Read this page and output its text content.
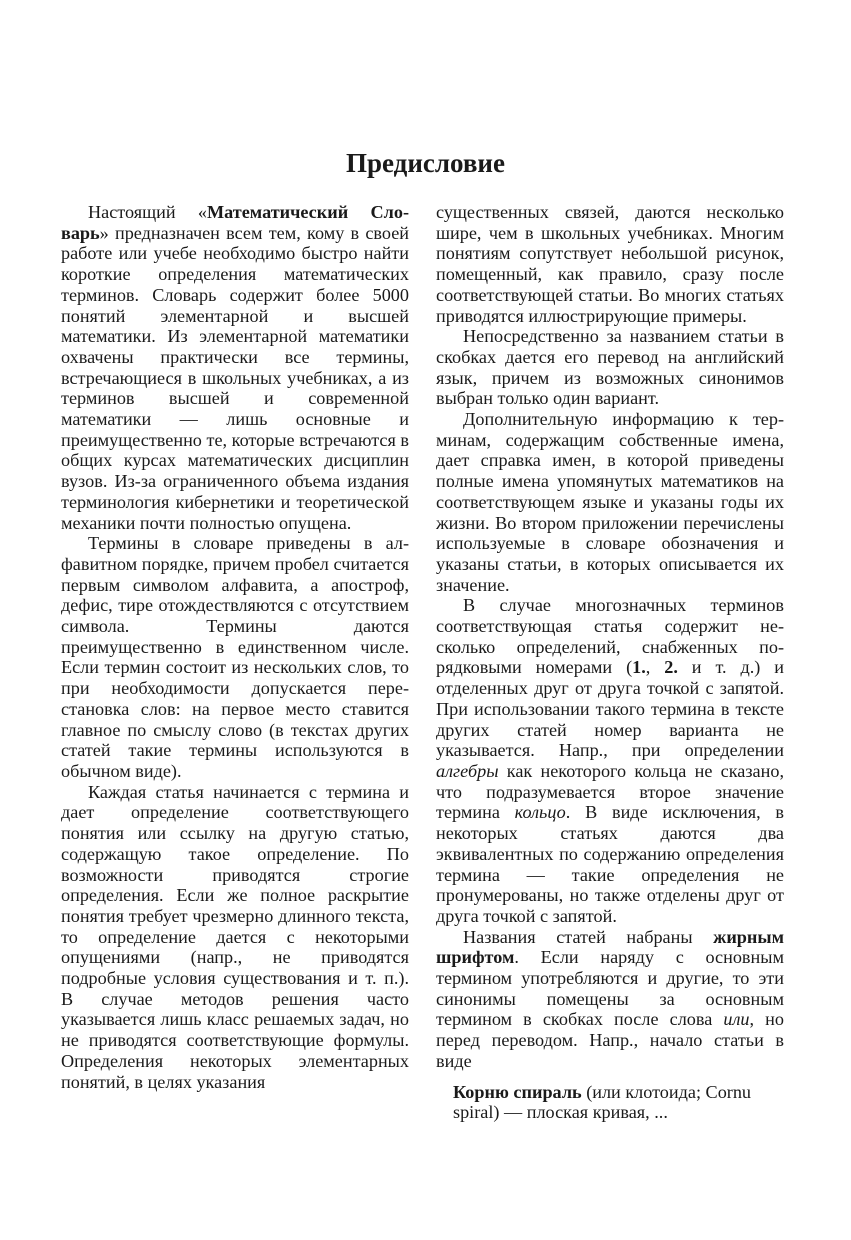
Предисловие

Настоящий «Математический Словарь» предназначен всем тем, кому в своей работе или учебе необходимо быстро найти короткие определения математических терминов. Словарь содержит более 5000 понятий элементарной и высшей математики. Из элементарной математики охвачены практически все термины, встречающиеся в школьных учебниках, а из терминов высшей и современной математики — лишь основные и преимущественно те, которые встречаются в общих курсах математических дисциплин вузов. Из-за ограниченного объема издания терминология кибернетики и теоретической механики почти полностью опущена.

Термины в словаре приведены в алфавитном порядке, причем пробел считается первым символом алфавита, а апостроф, дефис, тире отождествляются с отсутствием символа. Термины даются преимущественно в единственном числе. Если термин состоит из нескольких слов, то при необходимости допускается перестановка слов: на первое место ставится главное по смыслу слово (в текстах других статей такие термины используются в обычном виде).

Каждая статья начинается с термина и дает определение соответствующего понятия или ссылку на другую статью, содержащую такое определение. По возможности приводятся строгие определения. Если же полное раскрытие понятия требует чрезмерно длинного текста, то определение дается с некоторыми опущениями (напр., не приводятся подробные условия существования и т. п.). В случае методов решения часто указывается лишь класс решаемых задач, но не приводятся соответствующие формулы. Определения некоторых элементарных понятий, в целях указания

существенных связей, даются несколько шире, чем в школьных учебниках. Многим понятиям сопутствует небольшой рисунок, помещенный, как правило, сразу после соответствующей статьи. Во многих статьях приводятся иллюстрирующие примеры.

Непосредственно за названием статьи в скобках дается его перевод на английский язык, причем из возможных синонимов выбран только один вариант.

Дополнительную информацию к терминам, содержащим собственные имена, дает справка имен, в которой приведены полные имена упомянутых математиков на соответствующем языке и указаны годы их жизни. Во втором приложении перечислены используемые в словаре обозначения и указаны статьи, в которых описывается их значение.

В случае многозначных терминов соответствующая статья содержит несколько определений, снабженных порядковыми номерами (1., 2. и т. д.) и отделенных друг от друга точкой с запятой. При использовании такого термина в тексте других статей номер варианта не указывается. Напр., при определении алгебры как некоторого кольца не сказано, что подразумевается второе значение термина кольцо. В виде исключения, в некоторых статьях даются два эквивалентных по содержанию определения термина — такие определения не пронумерованы, но также отделены друг от друга точкой с запятой.

Названия статей набраны жирным шрифтом. Если наряду с основным термином употребляются и другие, то эти синонимы помещены за основным термином в скобках после слова или, но перед переводом. Напр., начало статьи в виде

Корню спираль (или клотоида; Cornu spiral) — плоская кривая, ...
